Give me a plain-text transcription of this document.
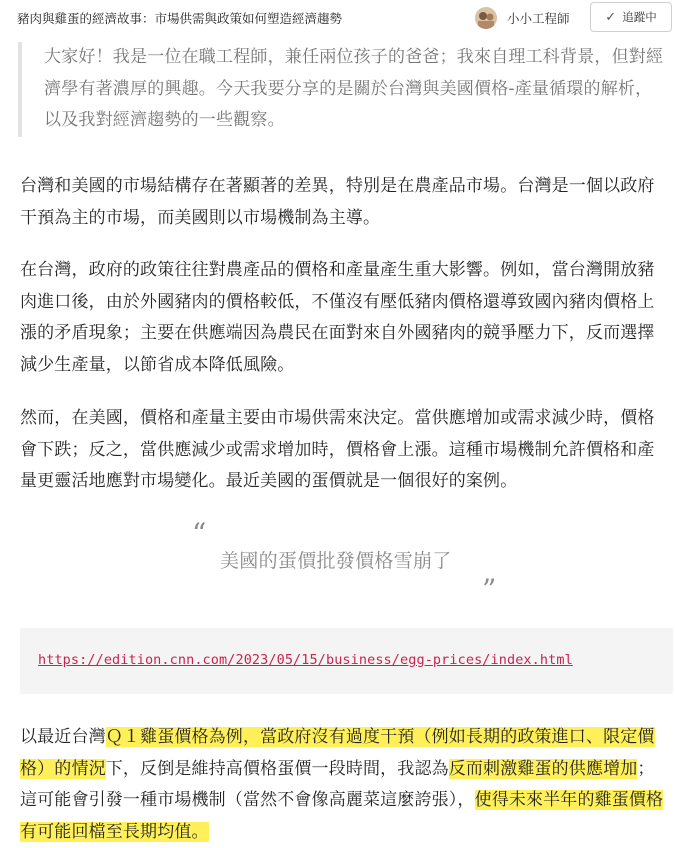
豬肉與雞蛋的經濟故事：市場供需與政策如何塑造經濟趨勢	小小工程師	✓ 追蹤中
大家好！我是一位在職工程師，兼任兩位孩子的爸爸；我來自理工科背景，但對經濟學有著濃厚的興趣。今天我要分享的是關於台灣與美國價格-產量循環的解析，以及我對經濟趨勢的一些觀察。
台灣和美國的市場結構存在著顯著的差異，特別是在農產品市場。台灣是一個以政府干預為主的市場，而美國則以市場機制為主導。
在台灣，政府的政策往往對農產品的價格和產量產生重大影響。例如，當台灣開放豬肉進口後，由於外國豬肉的價格較低，不僅沒有壓低豬肉價格還導致國內豬肉價格上漲的矛盾現象；主要在供應端因為農民在面對來自外國豬肉的競爭壓力下，反而選擇減少生產量，以節省成本降低風險。
然而，在美國，價格和產量主要由市場供需來決定。當供應增加或需求減少時，價格會下跌；反之，當供應減少或需求增加時，價格會上漲。這種市場機制允許價格和產量更靈活地應對市場變化。最近美國的蛋價就是一個很好的案例。
“
美國的蛋價批發價格雪崩了
”
https://edition.cnn.com/2023/05/15/business/egg-prices/index.html
以最近台灣Ｑ１雞蛋價格為例，當政府沒有過度干預（例如長期的政策進口、限定價格）的情況下，反倒是維持高價格蛋價一段時間，我認為反而刺激雞蛋的供應增加；這可能會引發一種市場機制（當然不會像高麗菜這麼誇張），使得未來半年的雞蛋價格有可能回檔至長期均值。
